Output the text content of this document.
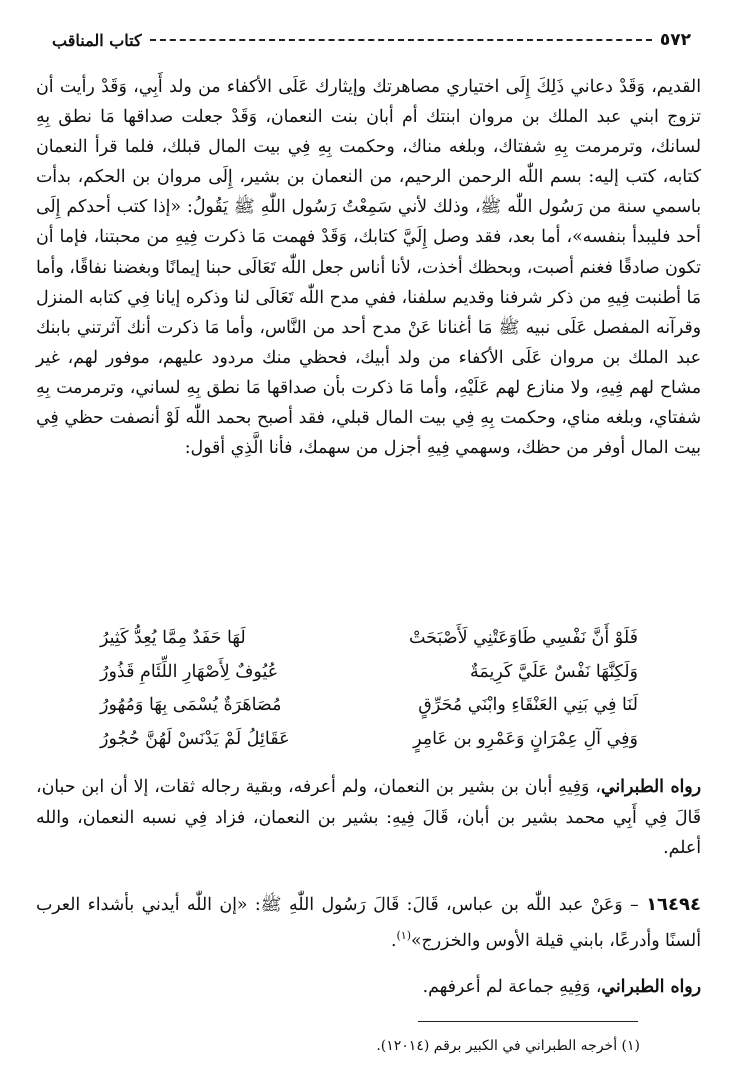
٥٧٢
كتاب المناقب

القديم، وَقَدْ دعاني ذَلِكَ إِلَى اختياري مصاهرتك وإيثارك عَلَى الأكفاء من ولد أَبِي، وَقَدْ رأيت أن تزوج ابني عبد الملك بن مروان ابنتك أم أبان بنت النعمان، وَقَدْ جعلت صداقها مَا نطق بِهِ لسانك، وترمرمت بِهِ شفتاك، وبلغه مناك، وحكمت بِهِ فِي بيت المال قبلك، فلما قرأ النعمان كتابه، كتب إليه: بسم اللّٰه الرحمن الرحيم، من النعمان بن بشير، إِلَى مروان بن الحكم، بدأت باسمي سنة من رَسُول اللّٰه ﷺ، وذلك لأني سَمِعْتُ رَسُول اللّٰهِ ﷺ يَقُولُ: «إذا كتب أحدكم إِلَى أحد فليبدأ بنفسه»، أما بعد، فقد وصل إِلَيَّ كتابك، وَقَدْ فهمت مَا ذكرت فِيهِ من محبتنا، فإما أن تكون صادقًا فغنم أصبت، وبحظك أخذت، لأنا أناس جعل اللّٰه تَعَالَى حبنا إيمانًا وبغضنا نفاقًا، وأما مَا أطنبت فِيهِ من ذكر شرفنا وقديم سلفنا، ففي مدح اللّٰه تَعَالَى لنا وذكره إيانا فِي كتابه المنزل وقرآنه المفصل عَلَى نبيه ﷺ مَا أغنانا عَنْ مدح أحد من النَّاس، وأما مَا ذكرت أنك آثرتني بابنك عبد الملك بن مروان عَلَى الأكفاء من ولد أبيك، فحظي منك مردود عليهم، موفور لهم، غير مشاح لهم فِيهِ، ولا منازع لهم عَلَيْهِ، وأما مَا ذكرت بأن صداقها مَا نطق بِهِ لساني، وترمرمت بِهِ شفتاي، وبلغه مناي، وحكمت بِهِ فِي بيت المال قبلي، فقد أصبح بحمد اللّٰه لَوْ أنصفت حظي فِي بيت المال أوفر من حظك، وسهمي فِيهِ أجزل من سهمك، فأنا الَّذِي أقول:

فَلَوْ أَنَّ نَفْسِي طَاوَعَتْنِي لَأَصْبَحَتْ
لَهَا حَفَدٌ مِمَّا يُعِدُّ كَثِيرُ
وَلَكِنَّهَا نَفْسٌ عَلَيَّ كَرِيمَةٌ
عُيُوفٌ لِأَصْهَارِ اللِّئَامِ قَذُورُ
لَنَا فِي بَنِي العَنْقَاءِ وابْنَي مُحَرِّقٍ
مُصَاهَرَةٌ يُسْمَى بِهَا وَمُهُورُ
وَفِي آلِ عِمْرَانٍ وَعَمْرِو بن عَامِرٍ
عَقَائِلُ لَمْ يَدْنَسْ لَهُنَّ حُجُورُ
رواه الطبراني، وَفِيهِ أبان بن بشير بن النعمان، ولم أعرفه، وبقية رجاله ثقات، إلا أن ابن حبان، قَالَ فِي أَبِي محمد بشير بن أبان، قَالَ فِيهِ: بشير بن النعمان، فزاد فِي نسبه النعمان، والله أعلم.
١٦٤٩٤ – وَعَنْ عبد اللّٰه بن عباس، قَالَ: قَالَ رَسُول اللّٰهِ ﷺ: «إن اللّٰه أيدني بأشداء العرب ألسنًا وأدرعًا، بابني قيلة الأوس والخزرج»$^{(١)}$.
رواه الطبراني، وَفِيهِ جماعة لم أعرفهم.
(١) أخرجه الطبراني في الكبير برقم (١٢٠١٤).
